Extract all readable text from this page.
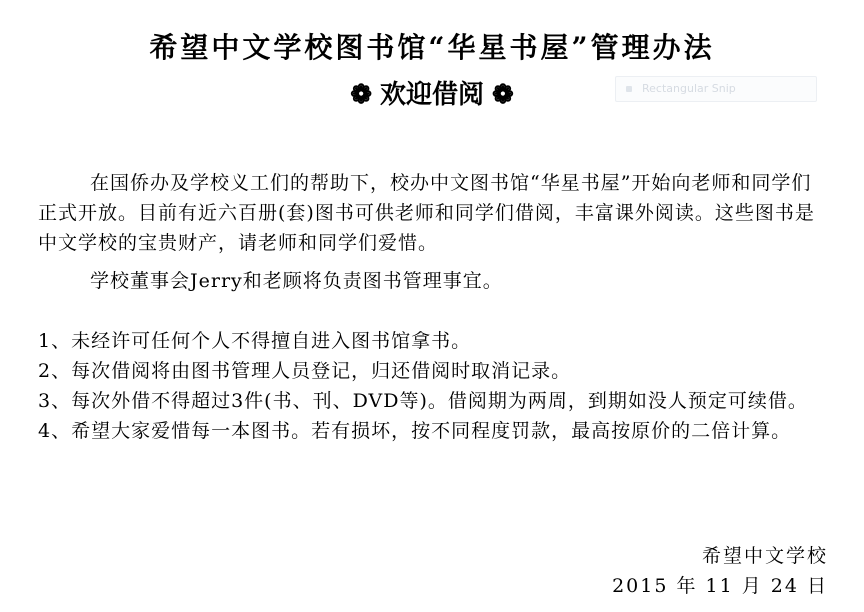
希望中文学校图书馆“华星书屋”管理办法
❁ 欢迎借阅 ❁	Rectangular Snip
在国侨办及学校义工们的帮助下，校办中文图书馆“华星书屋”开始向老师和同学们正式开放。目前有近六百册(套)图书可供老师和同学们借阅，丰富课外阅读。这些图书是中文学校的宝贵财产，请老师和同学们爱惜。
学校董事会Jerry和老顾将负责图书管理事宜。
1、未经许可任何个人不得擅自进入图书馆拿书。
2、每次借阅将由图书管理人员登记，归还借阅时取消记录。
3、每次外借不得超过3件(书、刊、DVD等)。借阅期为两周，到期如没人预定可续借。
4、希望大家爱惜每一本图书。若有损坏，按不同程度罚款，最高按原价的二倍计算。
希望中文学校
2015 年 11 月 24 日
